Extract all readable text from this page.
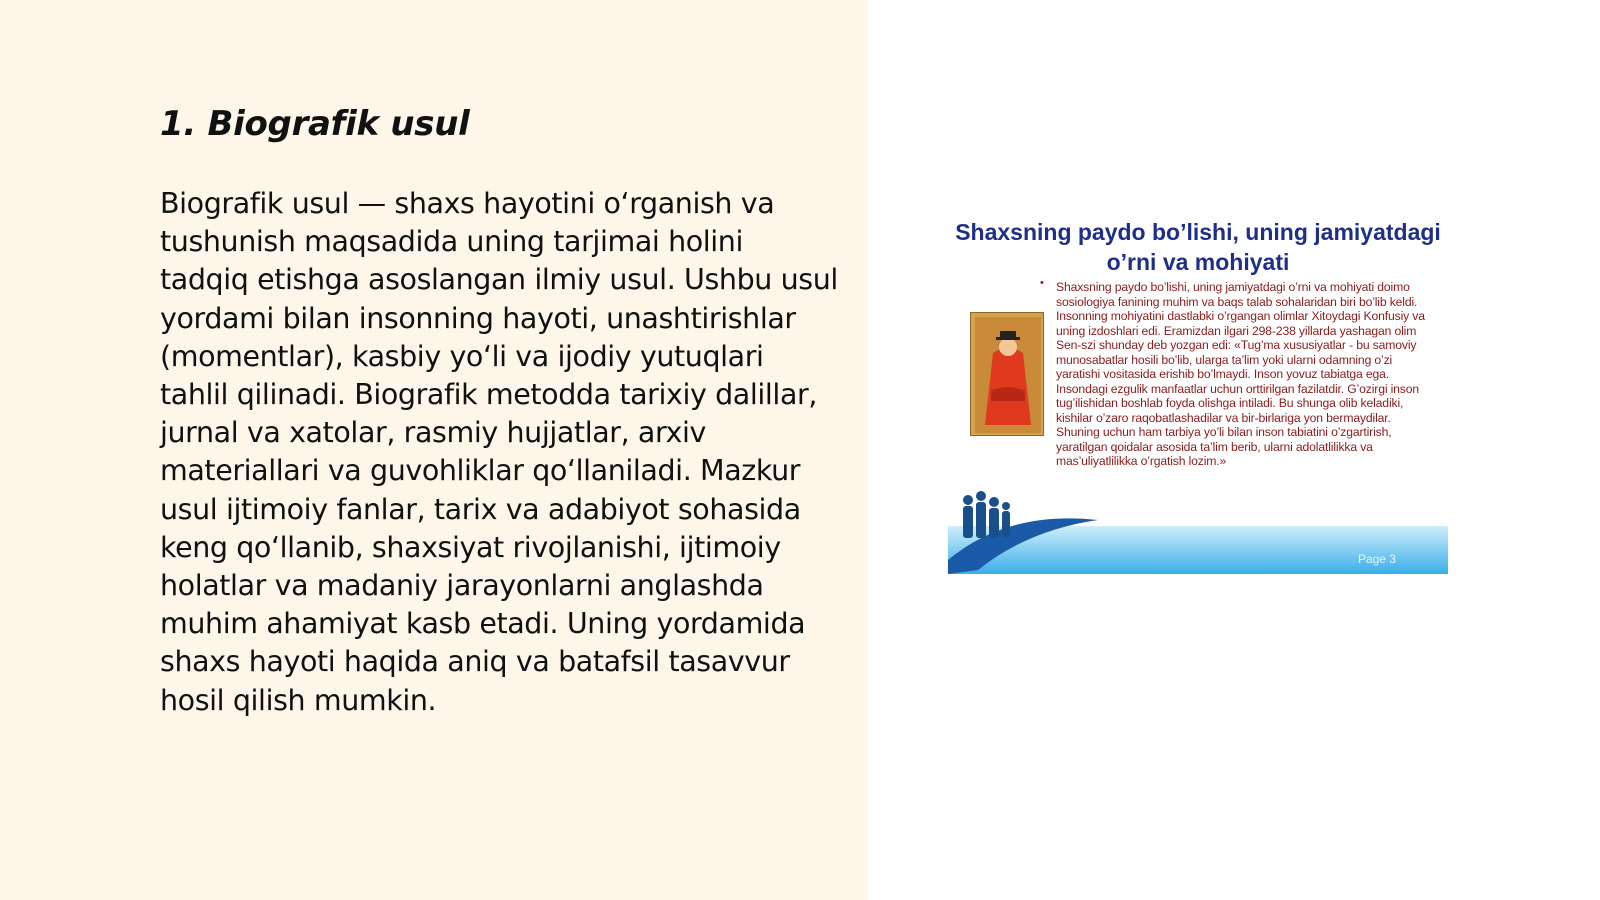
1. Biografik usul

Biografik usul — shaxs hayotini o‘rganish va tushunish maqsadida uning tarjimai holini tadqiq etishga asoslangan ilmiy usul. Ushbu usul yordami bilan insonning hayoti, unashtirishlar (momentlar), kasbiy yo‘li va ijodiy yutuqlari tahlil qilinadi. Biografik metodda tarixiy dalillar, jurnal va xatolar, rasmiy hujjatlar, arxiv materiallari va guvohliklar qo‘llaniladi. Mazkur usul ijtimoiy fanlar, tarix va adabiyot sohasida keng qo‘llanib, shaxsiyat rivojlanishi, ijtimoiy holatlar va madaniy jarayonlarni anglashda muhim ahamiyat kasb etadi. Uning yordamida shaxs hayoti haqida aniq va batafsil tasavvur hosil qilish mumkin.

Shaxsning paydo bo’lishi, uning jamiyatdagi o’rni va mohiyati
• Shaxsning paydo bo’lishi, uning jamiyatdagi o’rni va mohiyati doimo sosiologiya fanining muhim va baqs talab sohalaridan biri bo’lib keldi. Insonning mohiyatini dastlabki o’rgangan olimlar Xitoydagi Konfusiy va uning izdoshlari edi. Eramizdan ilgari 298-238 yillarda yashagan olim Sen-szi shunday deb yozgan edi: «Tug’ma xususiyatlar - bu samoviy munosabatlar hosili bo’lib, ularga ta’lim yoki ularni odamning o’zi yaratishi vositasida erishib bo’lmaydi. Inson yovuz tabiatga ega. Insondagi ezgulik manfaatlar uchun orttirilgan fazilatdir. G’ozirgi inson tug’ilishidan boshlab foyda olishga intiladi. Bu shunga olib keladiki, kishilar o’zaro raqobatlashadilar va bir-birlariga yon bermaydilar. Shuning uchun ham tarbiya yo’li bilan inson tabiatini o’zgartirish, yaratilgan qoidalar asosida ta’lim berib, ularni adolatlilikka va mas’uliyatlilikka o’rgatish lozim.»
Page 3
